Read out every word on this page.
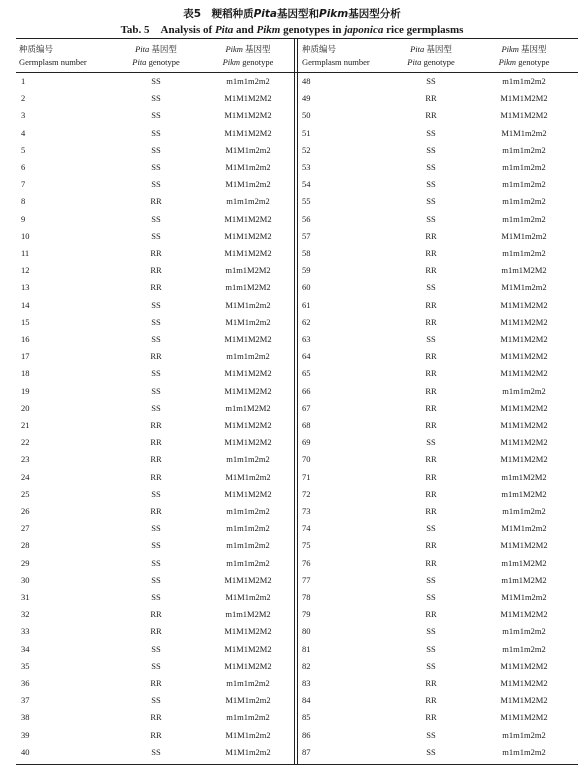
表5　粳稻种质Pita基因型和Pikm基因型分析
Tab. 5　Analysis of Pita and Pikm genotypes in japonica rice germplasms
种质编号
Germplasm number
Pita 基因型
Pita genotype
Pikm 基因型
Pikm genotype
种质编号
Germplasm number
Pita 基因型
Pita genotype
Pikm 基因型
Pikm genotype
1	SS	m1m1m2m2
2	SS	M1M1M2M2
3	SS	M1M1M2M2
4	SS	M1M1M2M2
5	SS	M1M1m2m2
6	SS	M1M1m2m2
7	SS	M1M1m2m2
8	RR	m1m1m2m2
9	SS	M1M1M2M2
10	SS	M1M1M2M2
11	RR	M1M1M2M2
12	RR	m1m1M2M2
13	RR	m1m1M2M2
14	SS	M1M1m2m2
15	SS	M1M1m2m2
16	SS	M1M1M2M2
17	RR	m1m1m2m2
18	SS	M1M1M2M2
19	SS	M1M1M2M2
20	SS	m1m1M2M2
21	RR	M1M1M2M2
22	RR	M1M1M2M2
23	RR	m1m1m2m2
24	RR	M1M1m2m2
25	SS	M1M1M2M2
26	RR	m1m1m2m2
27	SS	m1m1m2m2
28	SS	m1m1m2m2
29	SS	m1m1m2m2
30	SS	M1M1M2M2
31	SS	M1M1m2m2
32	RR	m1m1M2M2
33	RR	M1M1M2M2
34	SS	M1M1M2M2
35	SS	M1M1M2M2
36	RR	m1m1m2m2
37	SS	M1M1m2m2
38	RR	m1m1m2m2
39	RR	M1M1m2m2
40	SS	M1M1m2m2
48	SS	m1m1m2m2
49	RR	M1M1M2M2
50	RR	M1M1M2M2
51	SS	M1M1m2m2
52	SS	m1m1m2m2
53	SS	m1m1m2m2
54	SS	m1m1m2m2
55	SS	m1m1m2m2
56	SS	m1m1m2m2
57	RR	M1M1m2m2
58	RR	m1m1m2m2
59	RR	m1m1M2M2
60	SS	M1M1m2m2
61	RR	M1M1M2M2
62	RR	M1M1M2M2
63	SS	M1M1M2M2
64	RR	M1M1M2M2
65	RR	M1M1M2M2
66	RR	m1m1m2m2
67	RR	M1M1M2M2
68	RR	M1M1M2M2
69	SS	M1M1M2M2
70	RR	M1M1M2M2
71	RR	m1m1M2M2
72	RR	m1m1M2M2
73	RR	m1m1m2m2
74	SS	M1M1m2m2
75	RR	M1M1M2M2
76	RR	m1m1M2M2
77	SS	m1m1M2M2
78	SS	M1M1m2m2
79	RR	M1M1M2M2
80	SS	m1m1m2m2
81	SS	m1m1m2m2
82	SS	M1M1M2M2
83	RR	M1M1M2M2
84	RR	M1M1M2M2
85	RR	M1M1M2M2
86	SS	m1m1m2m2
87	SS	m1m1m2m2
